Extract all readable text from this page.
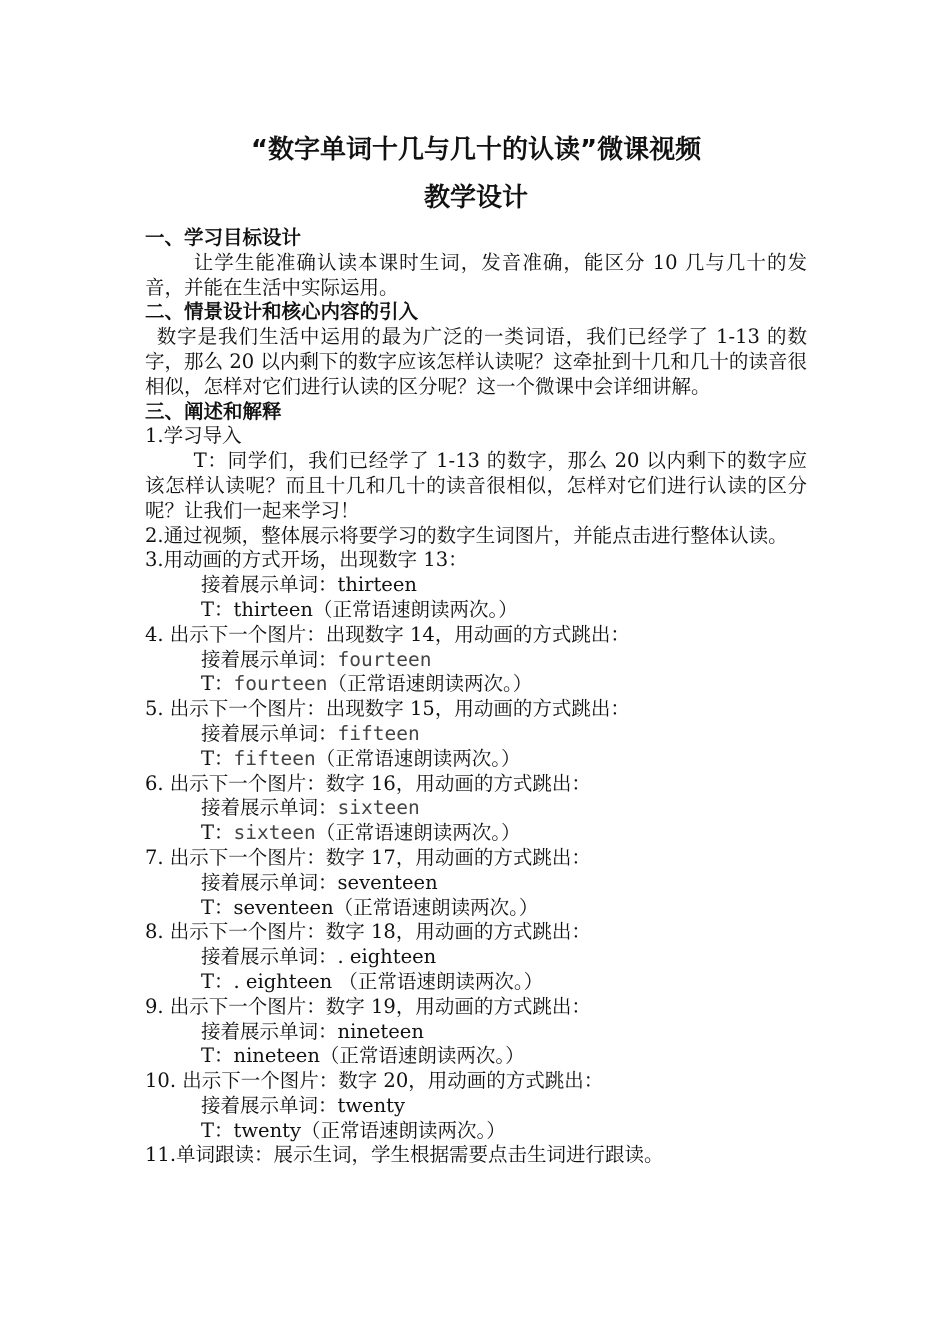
“数字单词十几与几十的认读”微课视频
教学设计
一、学习目标设计
让学生能准确认读本课时生词，发音准确，能区分 10 几与几十的发音，并能在生活中实际运用。
二、情景设计和核心内容的引入
数字是我们生活中运用的最为广泛的一类词语，我们已经学了 1-13 的数字，那么 20 以内剩下的数字应该怎样认读呢？这牵扯到十几和几十的读音很相似，怎样对它们进行认读的区分呢？这一个微课中会详细讲解。
三、阐述和解释
1.学习导入
T：同学们，我们已经学了 1-13 的数字，那么 20 以内剩下的数字应该怎样认读呢？而且十几和几十的读音很相似，怎样对它们进行认读的区分呢？让我们一起来学习！
2.通过视频，整体展示将要学习的数字生词图片，并能点击进行整体认读。
3.用动画的方式开场，出现数字 13：
接着展示单词：thirteen
T：thirteen（正常语速朗读两次。）
4. 出示下一个图片：出现数字 14，用动画的方式跳出：
接着展示单词：fourteen
T：fourteen（正常语速朗读两次。）
5. 出示下一个图片：出现数字 15，用动画的方式跳出：
接着展示单词：fifteen
T：fifteen（正常语速朗读两次。）
6. 出示下一个图片：数字 16，用动画的方式跳出：
接着展示单词：sixteen
T：sixteen（正常语速朗读两次。）
7. 出示下一个图片：数字 17，用动画的方式跳出：
接着展示单词：seventeen
T：seventeen（正常语速朗读两次。）
8. 出示下一个图片：数字 18，用动画的方式跳出：
接着展示单词：. eighteen
T：. eighteen （正常语速朗读两次。）
9. 出示下一个图片：数字 19，用动画的方式跳出：
接着展示单词：nineteen
T：nineteen（正常语速朗读两次。）
10. 出示下一个图片：数字 20，用动画的方式跳出：
接着展示单词：twenty
T：twenty（正常语速朗读两次。）
11.单词跟读：展示生词，学生根据需要点击生词进行跟读。
